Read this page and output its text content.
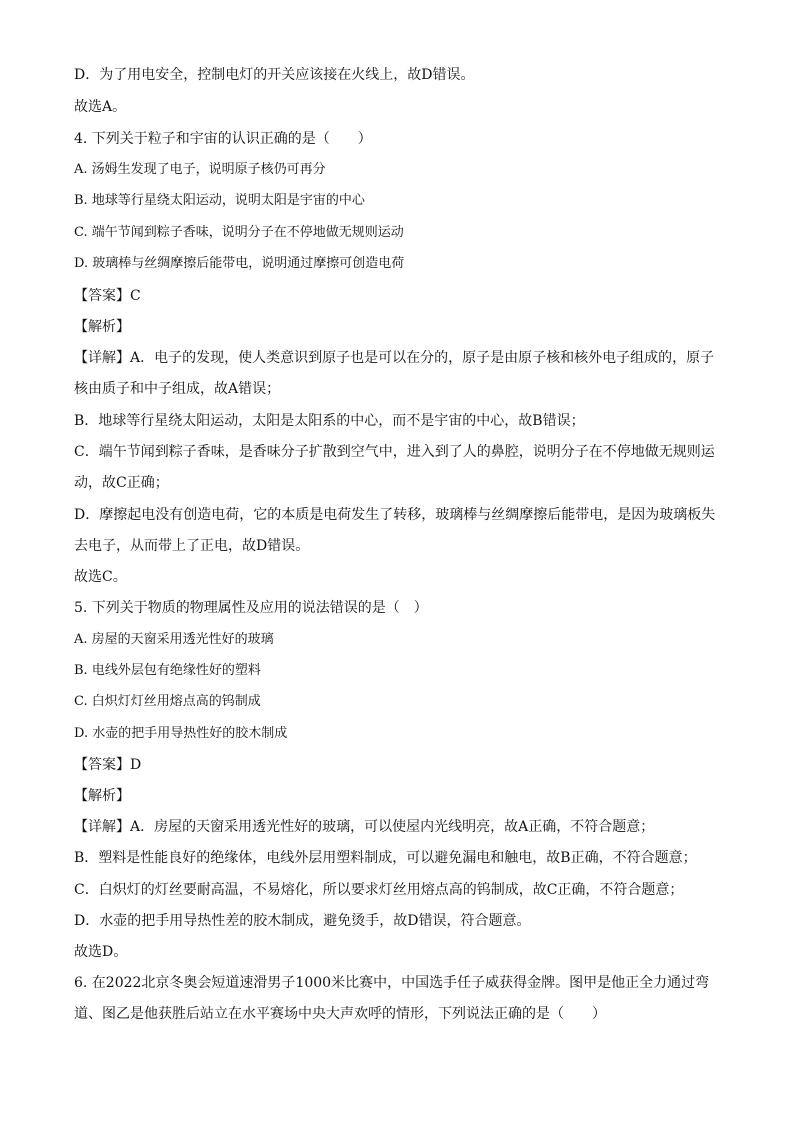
D．为了用电安全，控制电灯的开关应该接在火线上，故D错误。
故选A。
4. 下列关于粒子和宇宙的认识正确的是（　　）
A. 汤姆生发现了电子，说明原子核仍可再分
B. 地球等行星绕太阳运动，说明太阳是宇宙的中心
C. 端午节闻到粽子香味，说明分子在不停地做无规则运动
D. 玻璃棒与丝绸摩擦后能带电，说明通过摩擦可创造电荷
【答案】C
【解析】
【详解】A．电子的发现，使人类意识到原子也是可以在分的，原子是由原子核和核外电子组成的，原子
核由质子和中子组成，故A错误；
B．地球等行星绕太阳运动，太阳是太阳系的中心，而不是宇宙的中心，故B错误；
C．端午节闻到粽子香味，是香味分子扩散到空气中，进入到了人的鼻腔，说明分子在不停地做无规则运
动，故C正确；
D．摩擦起电没有创造电荷，它的本质是电荷发生了转移，玻璃棒与丝绸摩擦后能带电，是因为玻璃板失
去电子，从而带上了正电，故D错误。
故选C。
5. 下列关于物质的物理属性及应用的说法错误的是（　）
A. 房屋的天窗采用透光性好的玻璃
B. 电线外层包有绝缘性好的塑料
C. 白炽灯灯丝用熔点高的钨制成
D. 水壶的把手用导热性好的胶木制成
【答案】D
【解析】
【详解】A．房屋的天窗采用透光性好的玻璃，可以使屋内光线明亮，故A正确，不符合题意；
B．塑料是性能良好的绝缘体，电线外层用塑料制成，可以避免漏电和触电，故B正确，不符合题意；
C．白炽灯的灯丝要耐高温，不易熔化，所以要求灯丝用熔点高的钨制成，故C正确，不符合题意；
D．水壶的把手用导热性差的胶木制成，避免烫手，故D错误，符合题意。
故选D。
6. 在2022北京冬奥会短道速滑男子1000米比赛中，中国选手任子威获得金牌。图甲是他正全力通过弯
道、图乙是他获胜后站立在水平赛场中央大声欢呼的情形，下列说法正确的是（　　）
